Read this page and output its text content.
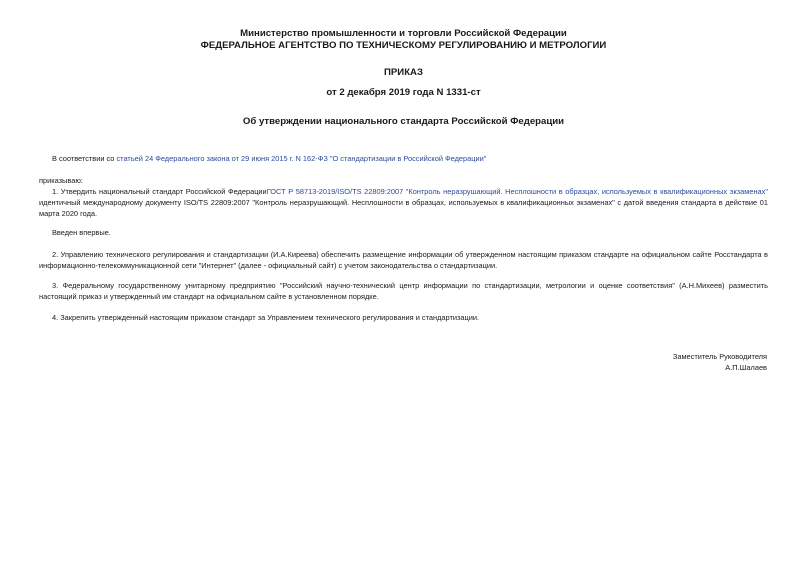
Министерство промышленности и торговли Российской Федерации
ФЕДЕРАЛЬНОЕ АГЕНТСТВО ПО ТЕХНИЧЕСКОМУ РЕГУЛИРОВАНИЮ И МЕТРОЛОГИИ
ПРИКАЗ
от 2 декабря 2019 года N 1331-ст
Об утверждении национального стандарта Российской Федерации
В соответствии со статьей 24 Федерального закона от 29 июня 2015 г. N 162-ФЗ "О стандартизации в Российской Федерации"
приказываю:
1. Утвердить национальный стандарт Российской ФедерацииГОСТ Р 58713-2019/ISO/TS 22809:2007 "Контроль неразрушающий. Несплошности в образцах, используемых в квалификационных экзаменах" идентичный международному документу ISO/TS 22809:2007 "Контроль неразрушающий. Несплошности в образцах, используемых в квалификационных экзаменах" с датой введения стандарта в действие 01 марта 2020 года.
Введен впервые.
2. Управлению технического регулирования и стандартизации (И.А.Киреева) обеспечить размещение информации об утвержденном настоящим приказом стандарте на официальном сайте Росстандарта в информационно-телекоммуникационной сети "Интернет" (далее - официальный сайт) с учетом законодательства о стандартизации.
3. Федеральному государственному унитарному предприятию "Российский научно-технический центр информации по стандартизации, метрологии и оценке соответствия" (А.Н.Михеев) разместить настоящий приказ и утвержденный им стандарт на официальном сайте в установленном порядке.
4. Закрепить утвержденный настоящим приказом стандарт за Управлением технического регулирования и стандартизации.
Заместитель Руководителя
А.П.Шалаев
